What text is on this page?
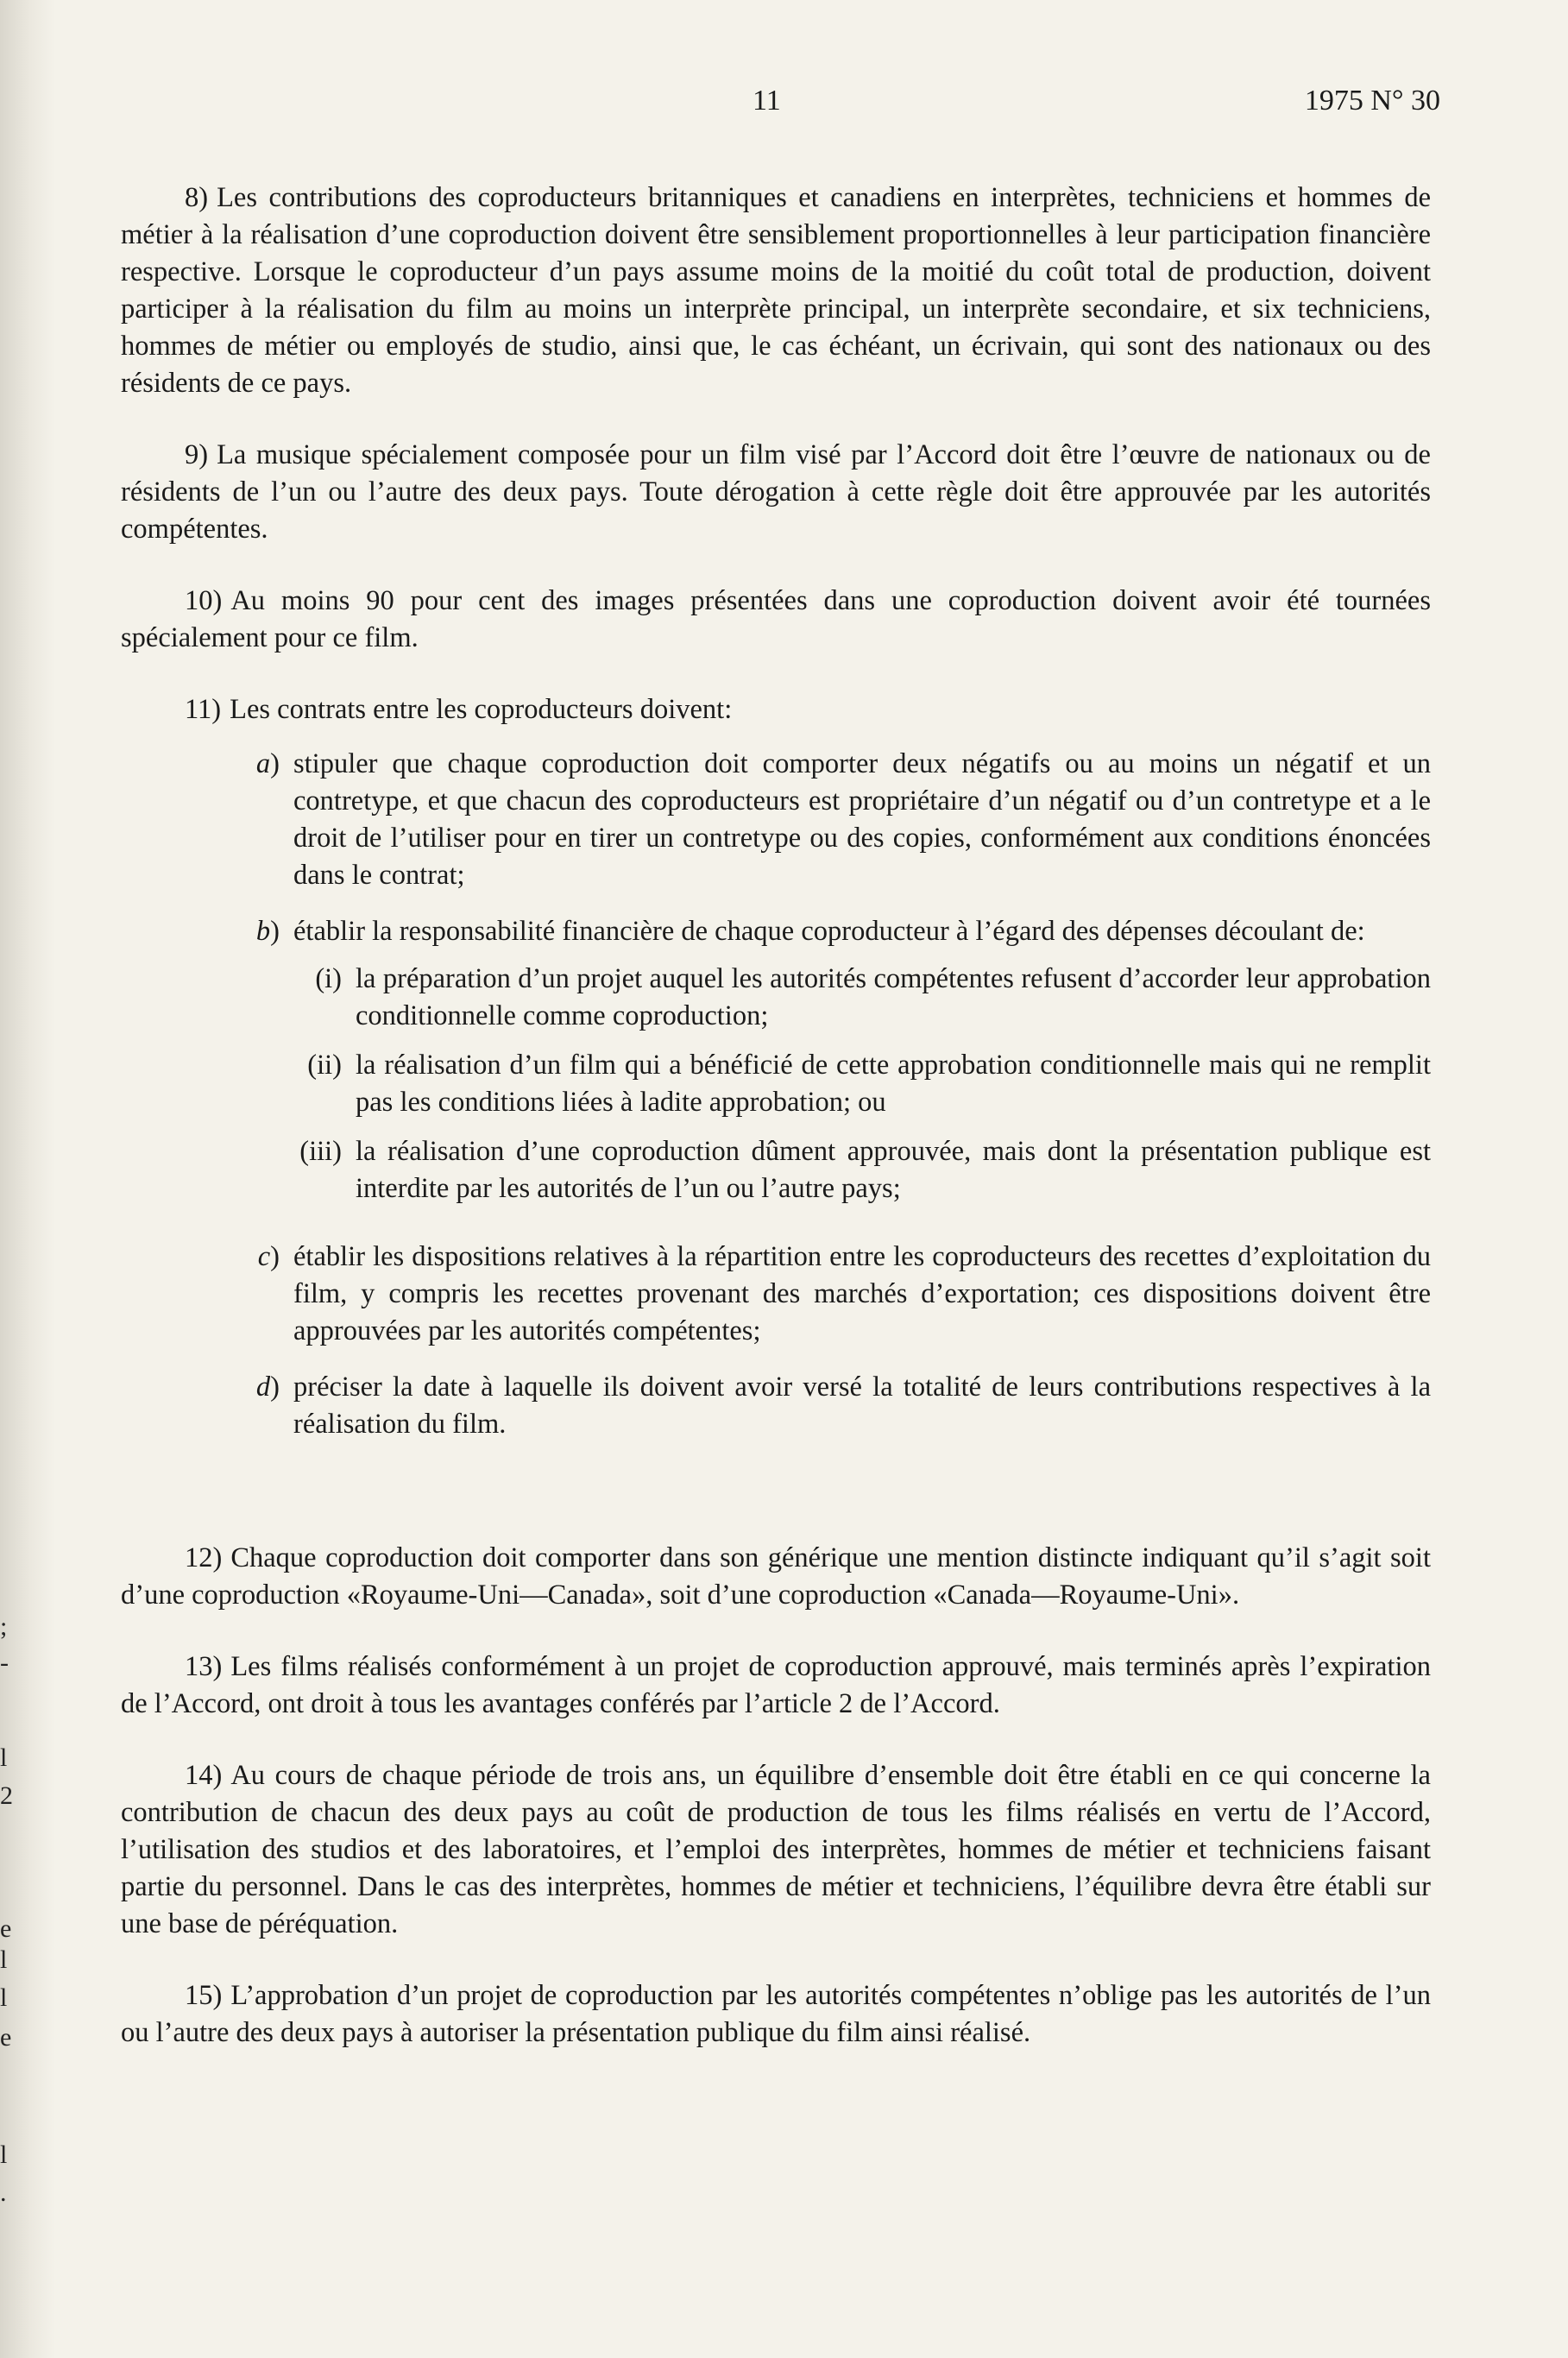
;
-
l
2
e
l
l
e
l
.
11	1975 N° 30

8) Les contributions des coproducteurs britanniques et canadiens en interprètes, techniciens et hommes de métier à la réalisation d’une coproduction doivent être sensiblement proportionnelles à leur participation financière respective. Lorsque le coproducteur d’un pays assume moins de la moitié du coût total de production, doivent participer à la réalisation du film au moins un interprète principal, un interprète secondaire, et six techniciens, hommes de métier ou employés de studio, ainsi que, le cas échéant, un écrivain, qui sont des nationaux ou des résidents de ce pays.

9) La musique spécialement composée pour un film visé par l’Accord doit être l’œuvre de nationaux ou de résidents de l’un ou l’autre des deux pays. Toute dérogation à cette règle doit être approuvée par les autorités compétentes.

10) Au moins 90 pour cent des images présentées dans une coproduction doivent avoir été tournées spécialement pour ce film.

11) Les contrats entre les coproducteurs doivent:

a) stipuler que chaque coproduction doit comporter deux négatifs ou au moins un négatif et un contretype, et que chacun des coproducteurs est propriétaire d’un négatif ou d’un contretype et a le droit de l’utiliser pour en tirer un contretype ou des copies, conformément aux conditions énoncées dans le contrat;
b) établir la responsabilité financière de chaque coproducteur à l’égard des dépenses découlant de:
(i) la préparation d’un projet auquel les autorités compétentes refusent d’accorder leur approbation conditionnelle comme coproduction;
(ii) la réalisation d’un film qui a bénéficié de cette approbation conditionnelle mais qui ne remplit pas les conditions liées à ladite approbation; ou
(iii) la réalisation d’une coproduction dûment approuvée, mais dont la présentation publique est interdite par les autorités de l’un ou l’autre pays;
c) établir les dispositions relatives à la répartition entre les coproducteurs des recettes d’exploitation du film, y compris les recettes provenant des marchés d’exportation; ces dispositions doivent être approuvées par les autorités compétentes;
d) préciser la date à laquelle ils doivent avoir versé la totalité de leurs contributions respectives à la réalisation du film.

12) Chaque coproduction doit comporter dans son générique une mention distincte indiquant qu’il s’agit soit d’une coproduction «Royaume-Uni—Canada», soit d’une coproduction «Canada—Royaume-Uni».

13) Les films réalisés conformément à un projet de coproduction approuvé, mais terminés après l’expiration de l’Accord, ont droit à tous les avantages conférés par l’article 2 de l’Accord.

14) Au cours de chaque période de trois ans, un équilibre d’ensemble doit être établi en ce qui concerne la contribution de chacun des deux pays au coût de production de tous les films réalisés en vertu de l’Accord, l’utilisation des studios et des laboratoires, et l’emploi des interprètes, hommes de métier et techniciens faisant partie du personnel. Dans le cas des interprètes, hommes de métier et techniciens, l’équilibre devra être établi sur une base de péréquation.

15) L’approbation d’un projet de coproduction par les autorités compétentes n’oblige pas les autorités de l’un ou l’autre des deux pays à autoriser la présentation publique du film ainsi réalisé.
